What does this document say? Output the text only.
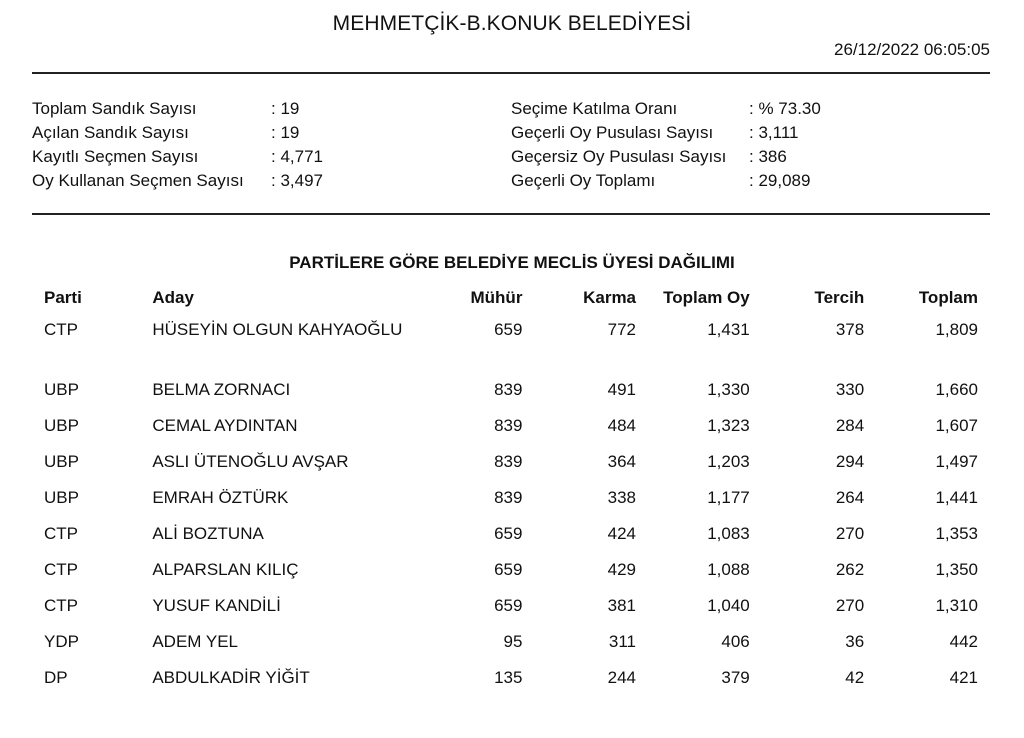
MEHMETÇİK-B.KONUK BELEDİYESİ
26/12/2022 06:05:05
Toplam Sandık Sayısı	: 19
Açılan Sandık Sayısı	: 19
Kayıtlı Seçmen Sayısı	: 4,771
Oy Kullanan Seçmen Sayısı : 3,497
Seçime Katılma Oranı	: % 73.30
Geçerli Oy Pusulası Sayısı : 3,111
Geçersiz Oy Pusulası Sayısı : 386
Geçerli Oy Toplamı	: 29,089
PARTİLERE GÖRE BELEDİYE MECLİS ÜYESİ DAĞILIMI
Parti	Aday	Mühür	Karma	Toplam Oy	Tercih	Toplam
CTP	HÜSEYİN OLGUN KAHYAOĞLU	659	772	1,431	378	1,809
UBP	BELMA ZORNACI	839	491	1,330	330	1,660
UBP	CEMAL AYDINTAN	839	484	1,323	284	1,607
UBP	ASLI ÜTENOĞLU AVŞAR	839	364	1,203	294	1,497
UBP	EMRAH ÖZTÜRK	839	338	1,177	264	1,441
CTP	ALİ BOZTUNA	659	424	1,083	270	1,353
CTP	ALPARSLAN KILIÇ	659	429	1,088	262	1,350
CTP	YUSUF KANDİLİ	659	381	1,040	270	1,310
YDP	ADEM YEL	95	311	406	36	442
DP	ABDULKADİR YİĞİT	135	244	379	42	421
